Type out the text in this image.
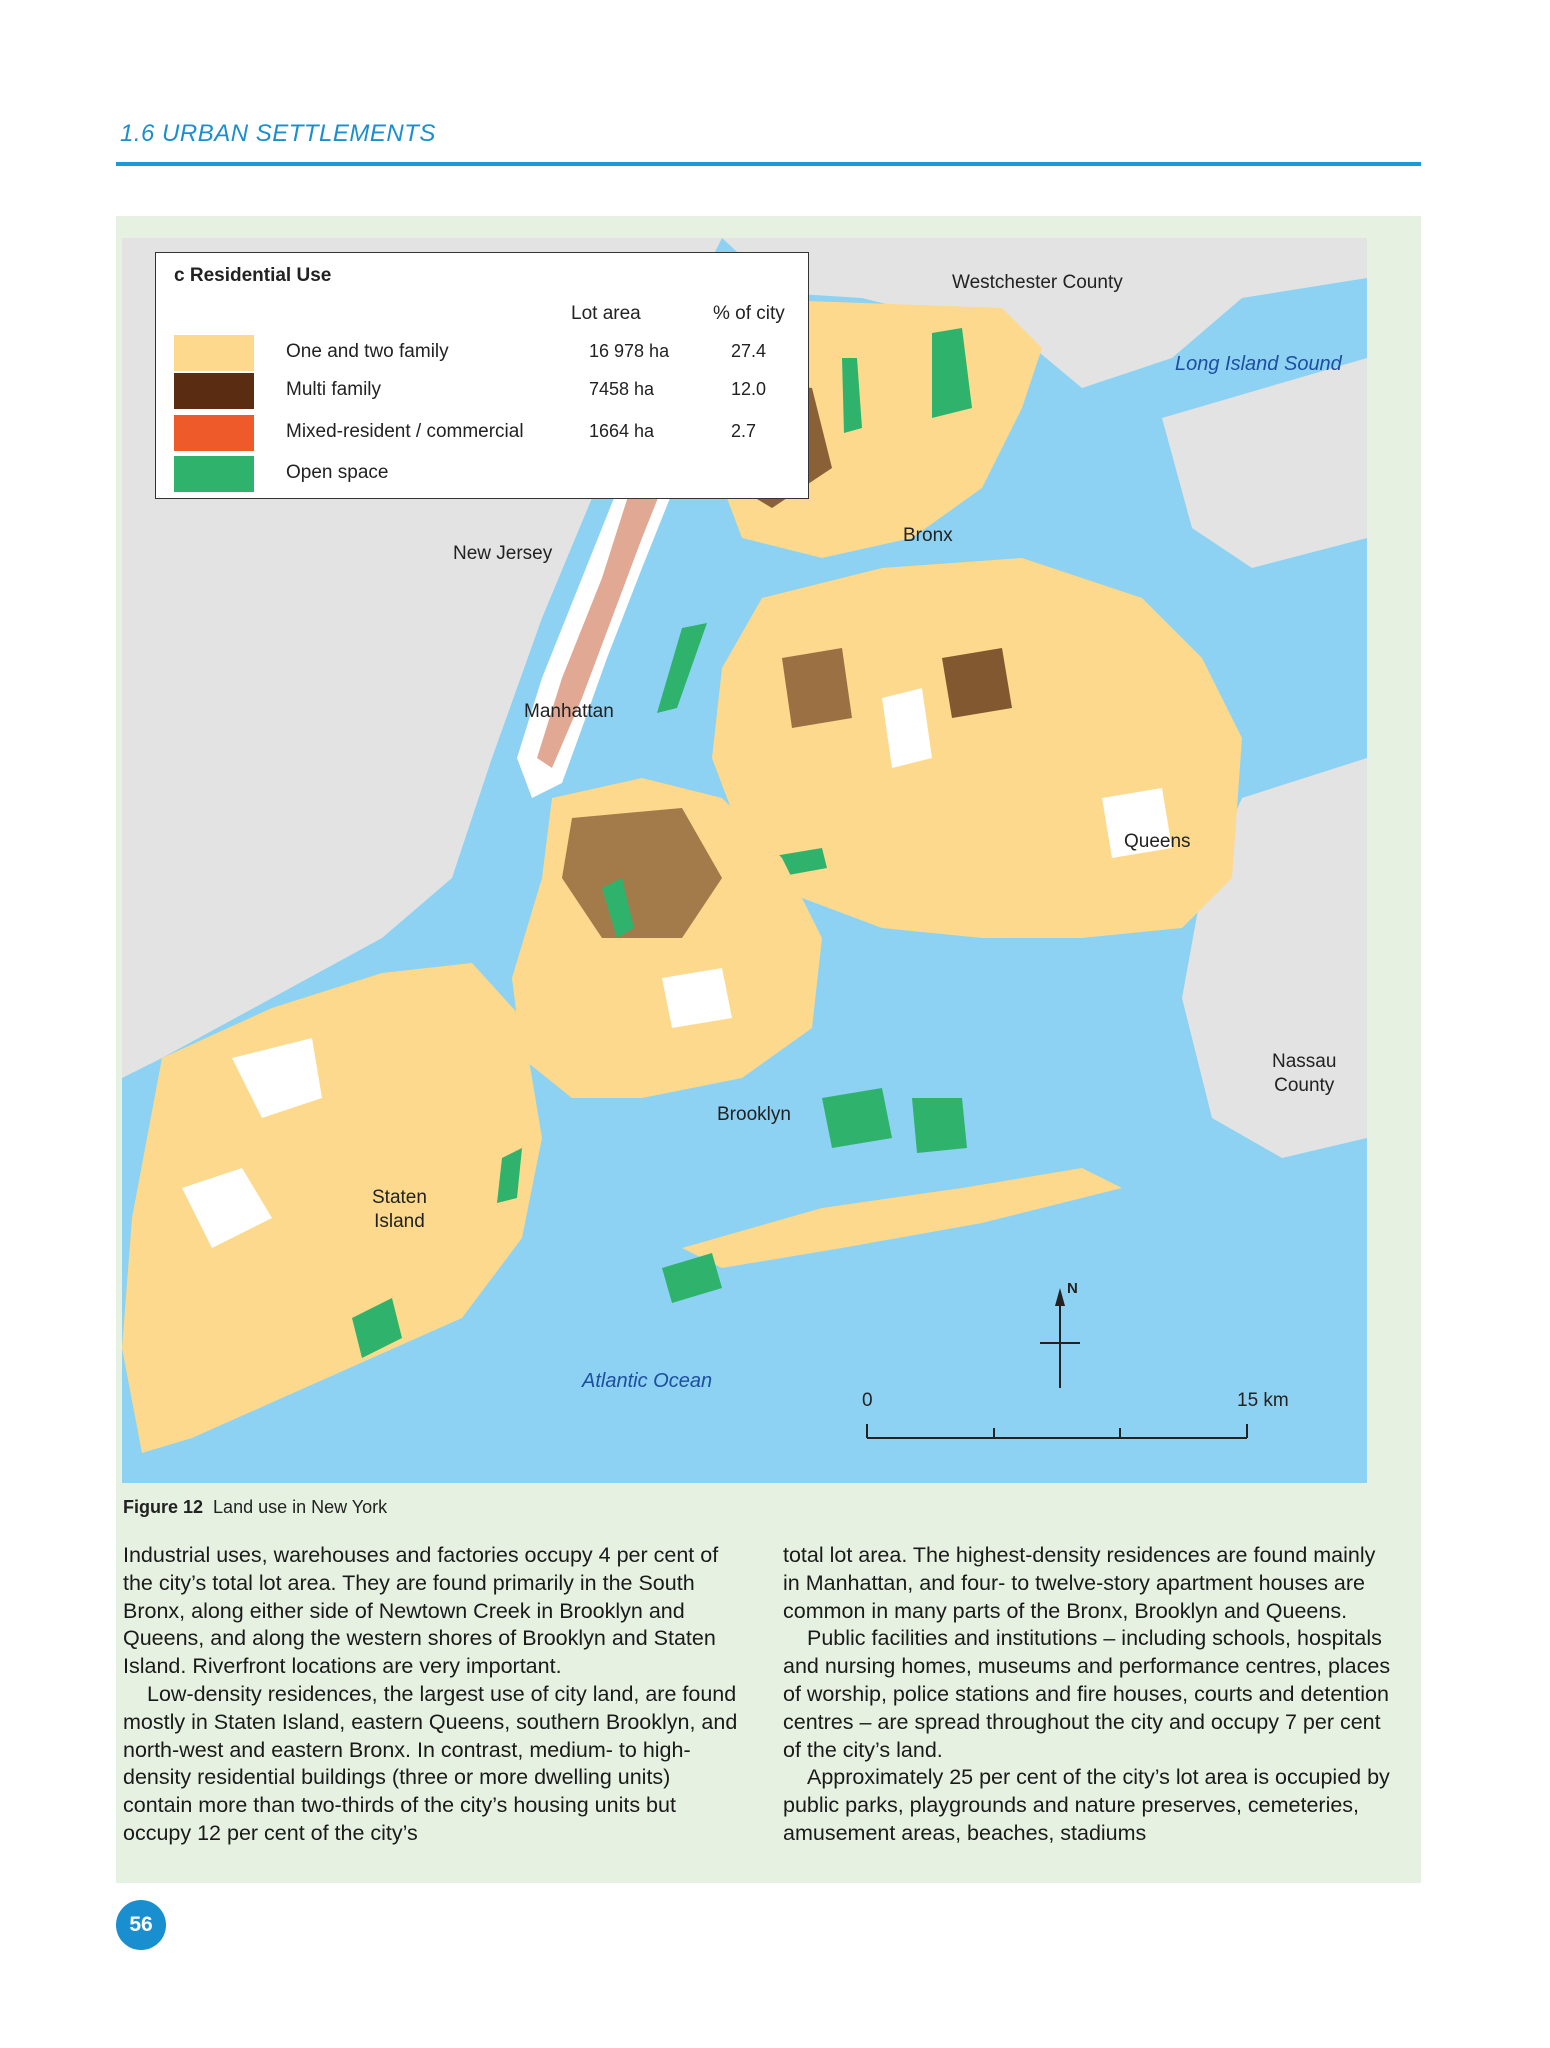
1.6 URBAN SETTLEMENTS
c Residential Use
Lot area	% of city
One and two family	16 978 ha	27.4
Multi family	7458 ha	12.0
Mixed-resident / commercial	1664 ha	2.7
Open space
Westchester County
Long Island Sound
New Jersey
Bronx
Manhattan
Queens
Nassau
County
Brooklyn
Staten
Island
Atlantic Ocean
N
0	15 km
Figure 12 Land use in New York

Industrial uses, warehouses and factories occupy 4 per cent of the city’s total lot area. They are found primarily in the South Bronx, along either side of Newtown Creek in Brooklyn and Queens, and along the western shores of Brooklyn and Staten Island. Riverfront locations are very important.

Low-density residences, the largest use of city land, are found mostly in Staten Island, eastern Queens, southern Brooklyn, and north-west and eastern Bronx. In contrast, medium- to high-density residential buildings (three or more dwelling units) contain more than two-thirds of the city’s housing units but occupy 12 per cent of the city’s

total lot area. The highest-density residences are found mainly in Manhattan, and four- to twelve-story apartment houses are common in many parts of the Bronx, Brooklyn and Queens.

Public facilities and institutions – including schools, hospitals and nursing homes, museums and performance centres, places of worship, police stations and fire houses, courts and detention centres – are spread throughout the city and occupy 7 per cent of the city’s land.

Approximately 25 per cent of the city’s lot area is occupied by public parks, playgrounds and nature preserves, cemeteries, amusement areas, beaches, stadiums

56
